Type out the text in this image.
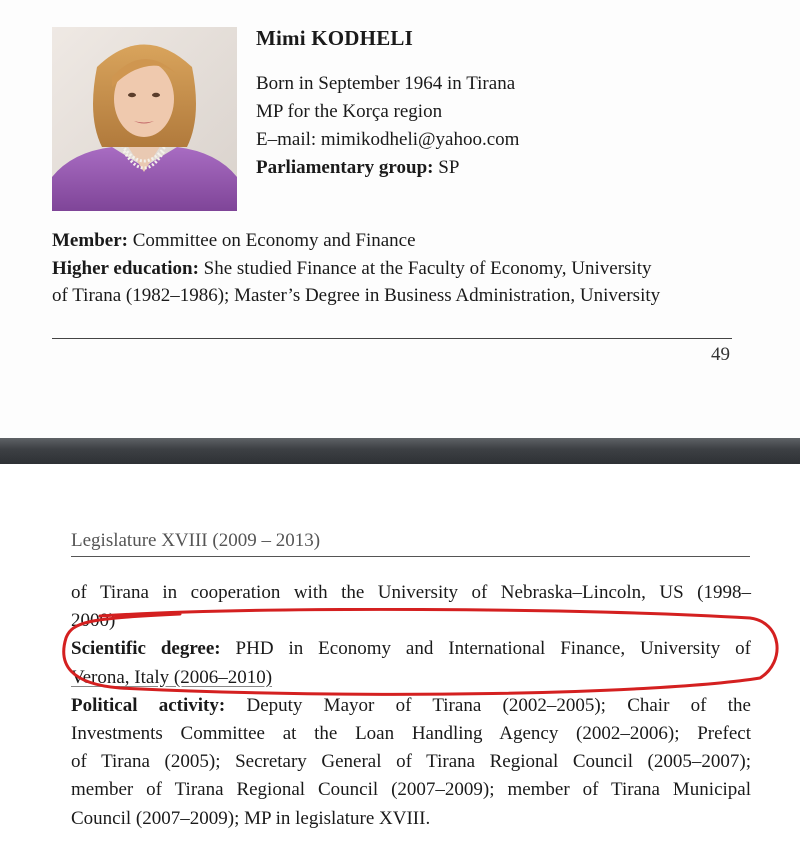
Mimi KODHELI
Born in September 1964 in Tirana
MP for the Korça region
E–mail: mimikodheli@yahoo.com
Parliamentary group: SP
Member: Committee on Economy and Finance
Higher education: She studied Finance at the Faculty of Economy, University
of Tirana (1982–1986); Master’s Degree in Business Administration, University
49
Legislature XVIII (2009 – 2013)
of Tirana in cooperation with the University of Nebraska–Lincoln, US (1998–
2000)
Scientific degree: PHD in Economy and International Finance, University of
Verona, Italy (2006–2010)
Political activity: Deputy Mayor of Tirana (2002–2005); Chair of the
Investments Committee at the Loan Handling Agency (2002–2006); Prefect
of Tirana (2005); Secretary General of Tirana Regional Council (2005–2007);
member of Tirana Regional Council (2007–2009); member of Tirana Municipal
Council (2007–2009); MP in legislature XVIII.
